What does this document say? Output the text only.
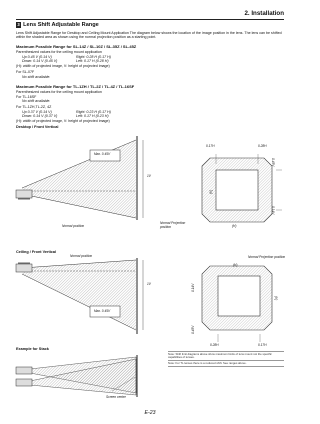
2. Installation
3 Lens Shift Adjustable Range
Lens Shift Adjustable Range for Desktop and Ceiling Mount Application The diagram below shows the location of the image position in the lens. The lens can be shifted within the shaded area as shown using the normal projection position as a starting point.
Maximum Possible Range for SL-14Z / SL-10Z / SL-35Z / SL-45Z
Parenthesized values for the ceiling mount application
Up 0.45 V (0.14 V)	Right: 0.28 H (0.17 H)
Down: 0.14 V (0.45 V)	Left: 0.17 H (0.28 H)
(H): width of projected image, V: height of projected image)
For SL-07F
No shift available.
Maximum Possible Range for TL-1ZH / TL-2Z / TL-4Z / TL-16SF
Parenthesized values for the ceiling mount application
For TL-16SF
No shift available.
For TL-1ZH,TL-2Z, 4Z
Up 0.37 V (0.14 V)	Right: 0.23 H (0.17 H)
Down: 0.14 V (0.37 V)	Left: 0.17 H (0.23 H)
(H): width of projected image, V: height of projected image)
Desktop / Front Vertical
Max. 0.45V
1V
Normal position
0.17H	0.28H
0.45V
0.14V
(V)
(H)
Normal Projection position
Ceiling / Front Vertical
Normal position
Max. 0.45V
1V
Normal Projection position
(H)
0.14V
0.45V
(V)
0.28H	0.17H
Note: Shift limit diagrams above show maximum limits of lens mount not the specific capabilities of lenses.
Note: For TL lenses there is a reduced shift. See ranges above.
Example for Stack
Screen center
E-23
